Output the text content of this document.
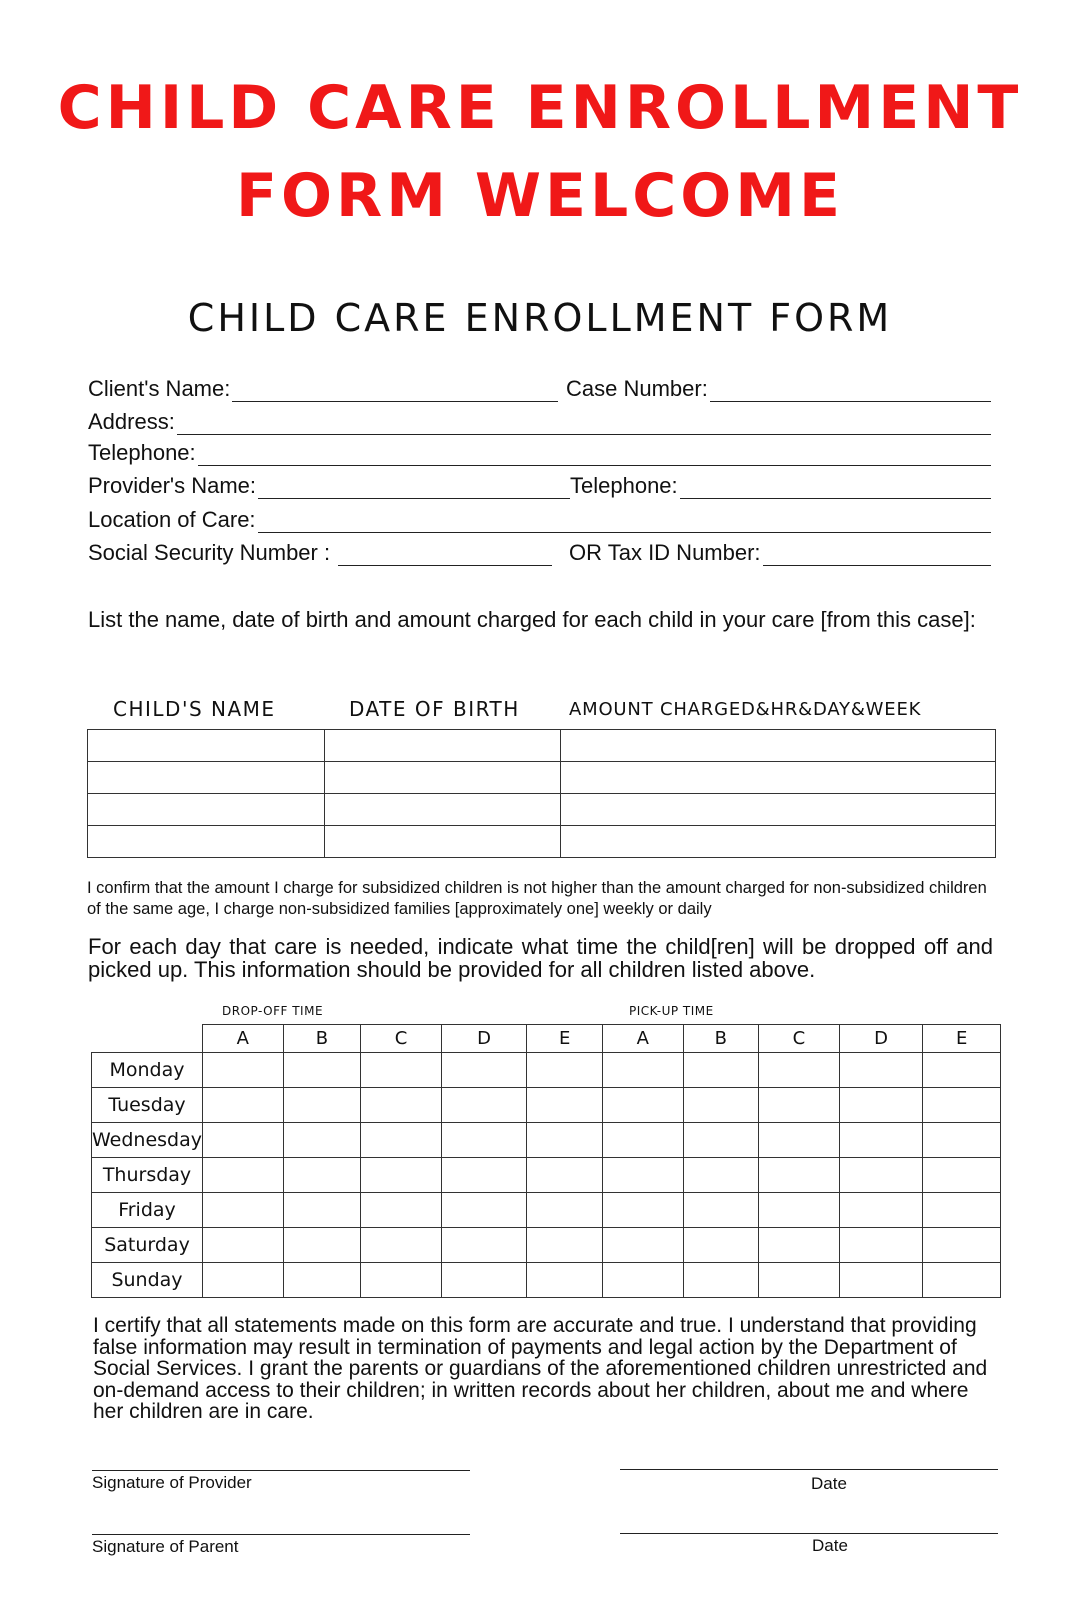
CHILD CARE ENROLLMENT
FORM WELCOME
CHILD CARE ENROLLMENT FORM
Client's Name:	Case Number:
Address:
Telephone:
Provider's Name:	Telephone:
Location of Care:
Social Security Number :	OR Tax ID Number:

List the name, date of birth and amount charged for each child in your care [from this case]:

CHILD'S NAME	DATE OF BIRTH	AMOUNT CHARGED&HR&DAY&WEEK

I confirm that the amount I charge for subsidized children is not higher than the amount charged for non-subsidized children of the same age, I charge non-subsidized families [approximately one] weekly or daily

For each day that care is needed, indicate what time the child[ren] will be dropped off and picked up. This information should be provided for all children listed above.

DROP-OFF TIME	PICK-UP TIME
	A	B	C	D	E	A	B	C	D	E
Monday										
Tuesday										
Wednesday										
Thursday										
Friday										
Saturday										
Sunday										

I certify that all statements made on this form are accurate and true. I understand that providing false information may result in termination of payments and legal action by the Department of Social Services. I grant the parents or guardians of the aforementioned children unrestricted and on-demand access to their children; in written records about her children, about me and where her children are in care.

Signature of Provider	Date
Signature of Parent	Date
